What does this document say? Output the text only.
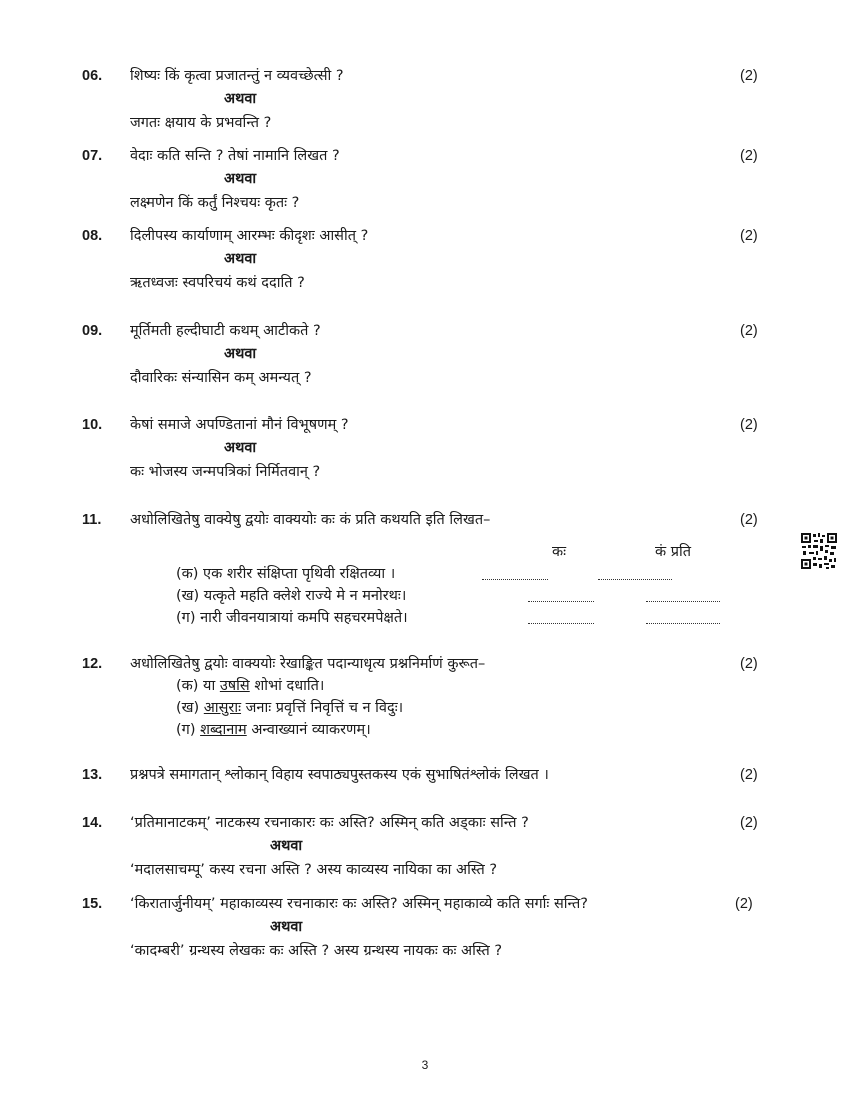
06. शिष्यः किं कृत्वा प्रजातन्तुं न व्यवच्छेत्सी ?	(2)
अथवा
जगतः क्षयाय के प्रभवन्ति ?
07. वेदाः कति सन्ति ? तेषां नामानि लिखत ?	(2)
अथवा
लक्ष्मणेन किं कर्तुं निश्चयः कृतः ?
08. दिलीपस्य कार्याणाम् आरम्भः कीदृशः आसीत् ?	(2)
अथवा
ऋतध्वजः स्वपरिचयं कथं ददाति ?
09. मूर्तिमती हल्दीघाटी कथम् आटीकते ?	(2)
अथवा
दौवारिकः संन्यासिन कम् अमन्यत् ?
10. केषां समाजे अपण्डितानां मौनं विभूषणम् ?	(2)
अथवा
कः भोजस्य जन्मपत्रिकां निर्मितवान् ?
11. अधोलिखितेषु वाक्येषु द्वयोः वाक्ययोः कः कं प्रति कथयति इति लिखत–	(2)
कः	कं प्रति
(क) एक शरीर संक्षिप्ता पृथिवी रक्षितव्या ।
(ख) यत्कृते महति क्लेशे राज्ये मे न मनोरथः।
(ग) नारी जीवनयात्रायां कमपि सहचरमपेक्षते।
12. अधोलिखितेषु द्वयोः वाक्ययोः रेखाङ्कित पदान्याधृत्य प्रश्ननिर्माणं कुरूत–	(2)
(क) या उषसि शोभां दधाति।
(ख) आसुराः जनाः प्रवृत्तिं निवृत्तिं च न विदुः।
(ग) शब्दानाम अन्वाख्यानं व्याकरणम्।
13. प्रश्नपत्रे समागतान् श्लोकान् विहाय स्वपाठ्यपुस्तकस्य एकं सुभाषितंश्लोकं लिखत ।	(2)
14. ‘प्रतिमानाटकम्’ नाटकस्य रचनाकारः कः अस्ति? अस्मिन् कति अड्काः सन्ति ?	(2)
अथवा
‘मदालसाचम्पू’ कस्य रचना अस्ति ? अस्य काव्यस्य नायिका का अस्ति ?
15. ‘किरातार्जुनीयम्’ महाकाव्यस्य रचनाकारः कः अस्ति? अस्मिन् महाकाव्ये कति सर्गाः सन्ति?	(2)
अथवा
‘कादम्बरी’ ग्रन्थस्य लेखकः कः अस्ति ? अस्य ग्रन्थस्य नायकः कः अस्ति ?
3
